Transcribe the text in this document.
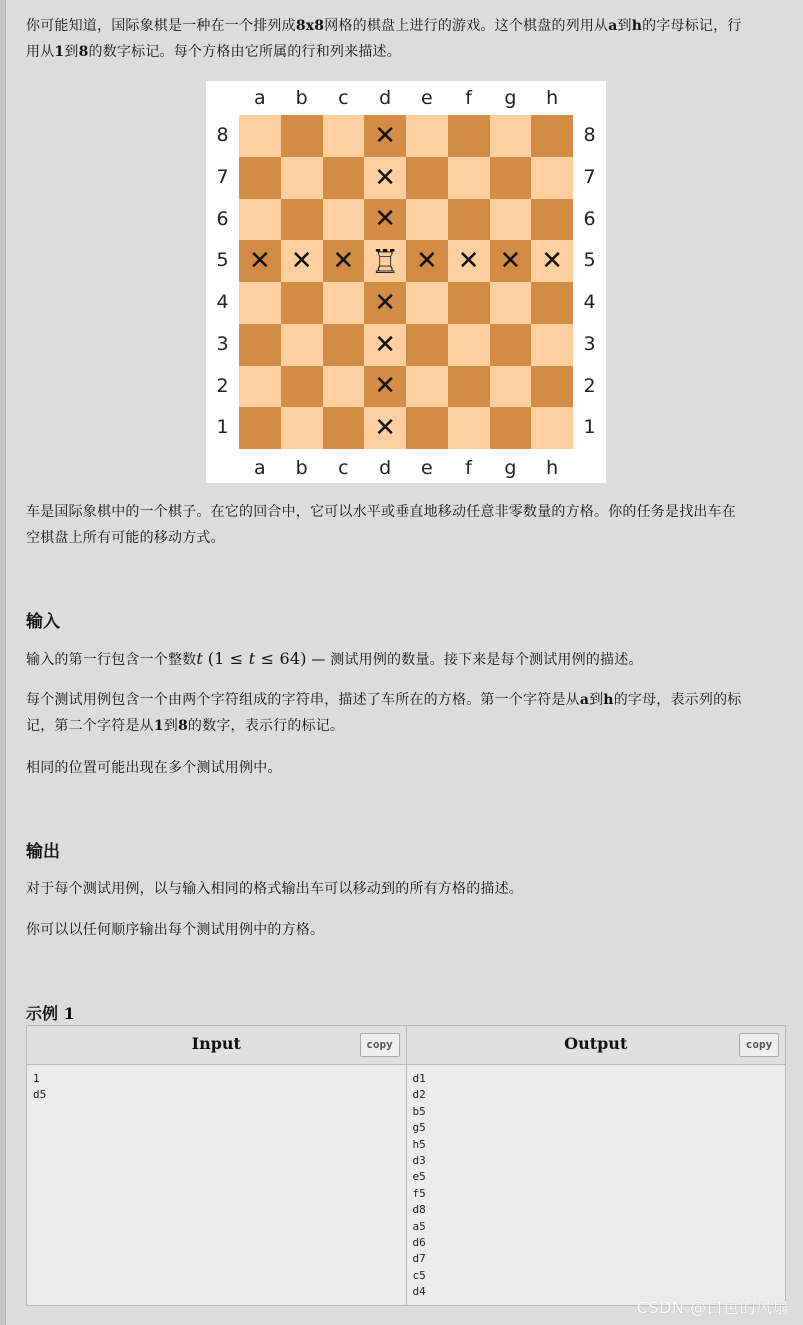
你可能知道，国际象棋是一种在一个排列成8x8网格的棋盘上进行的游戏。这个棋盘的列用从a到h的字母标记，行
用从1到8的数字标记。每个方格由它所属的行和列来描述。

a	b	c	d	e	f	g	h
8
7
6
5
4
3
2
1
✕
✕
✕
✕ ✕ ✕ ♖ ✕ ✕ ✕ ✕
✕
✕
✕
✕
8
7
6
5
4
3
2
1
a	b	c	d	e	f	g	h

车是国际象棋中的一个棋子。在它的回合中，它可以水平或垂直地移动任意非零数量的方格。你的任务是找出车在
空棋盘上所有可能的移动方式。

输入

输入的第一行包含一个整数t (1 ≤ t ≤ 64) — 测试用例的数量。接下来是每个测试用例的描述。

每个测试用例包含一个由两个字符组成的字符串，描述了车所在的方格。第一个字符是从a到h的字母，表示列的标
记，第二个字符是从1到8的数字，表示行的标记。

相同的位置可能出现在多个测试用例中。

输出

对于每个测试用例，以与输入相同的格式输出车可以移动到的所有方格的描述。

你可以以任何顺序输出每个测试用例中的方格。

示例 1
Input	copy
1
d5
Output	copy
d1
d2
b5
g5
h5
d3
e5
f5
d8
a5
d6
d7
c5
d4
CSDN @白色的风扇
